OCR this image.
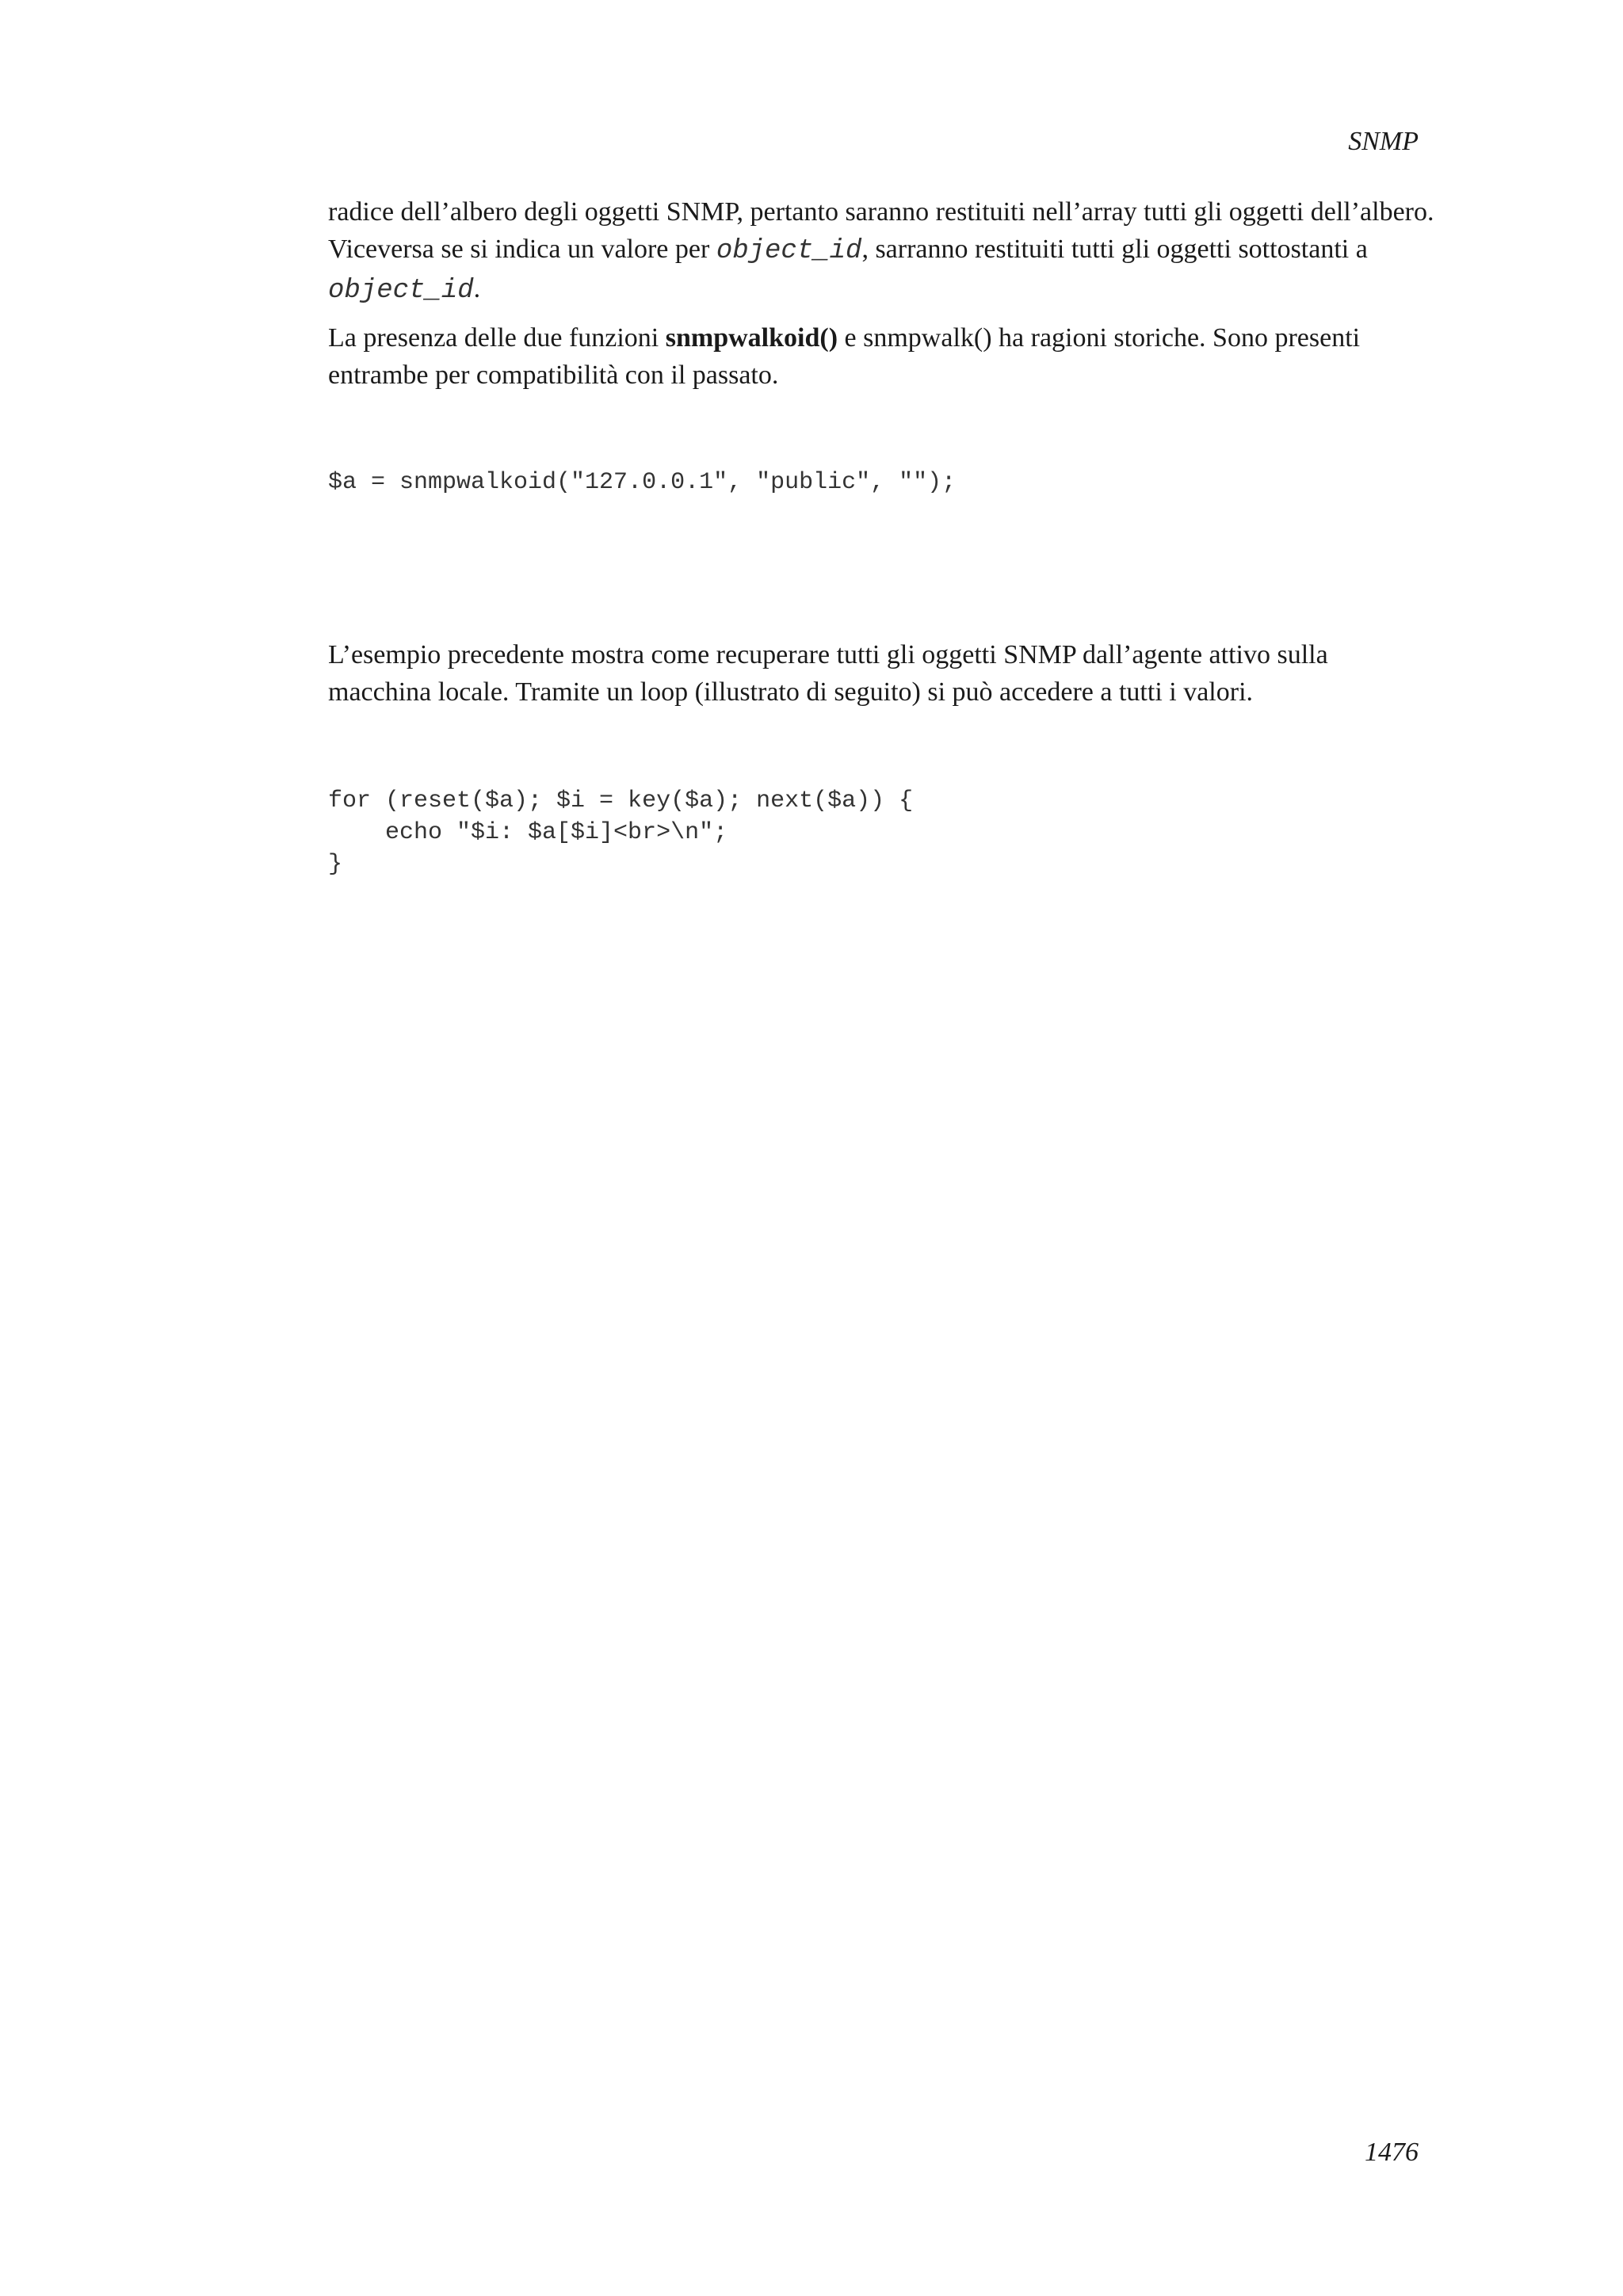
SNMP

radice dell’albero degli oggetti SNMP, pertanto saranno restituiti nell’array tutti gli oggetti dell’albero. Viceversa se si indica un valore per object_id, sarranno restituiti tutti gli oggetti sottostanti a object_id.

La presenza delle due funzioni snmpwalkoid() e snmpwalk() ha ragioni storiche. Sono presenti entrambe per compatibilità con il passato.

$a = snmpwalkoid("127.0.0.1", "public", "");

L’esempio precedente mostra come recuperare tutti gli oggetti SNMP dall’agente attivo sulla macchina locale. Tramite un loop (illustrato di seguito) si può accedere a tutti i valori.

for (reset($a); $i = key($a); next($a)) {
echo "$i: $a[$i]<br>\n";
}
1476
